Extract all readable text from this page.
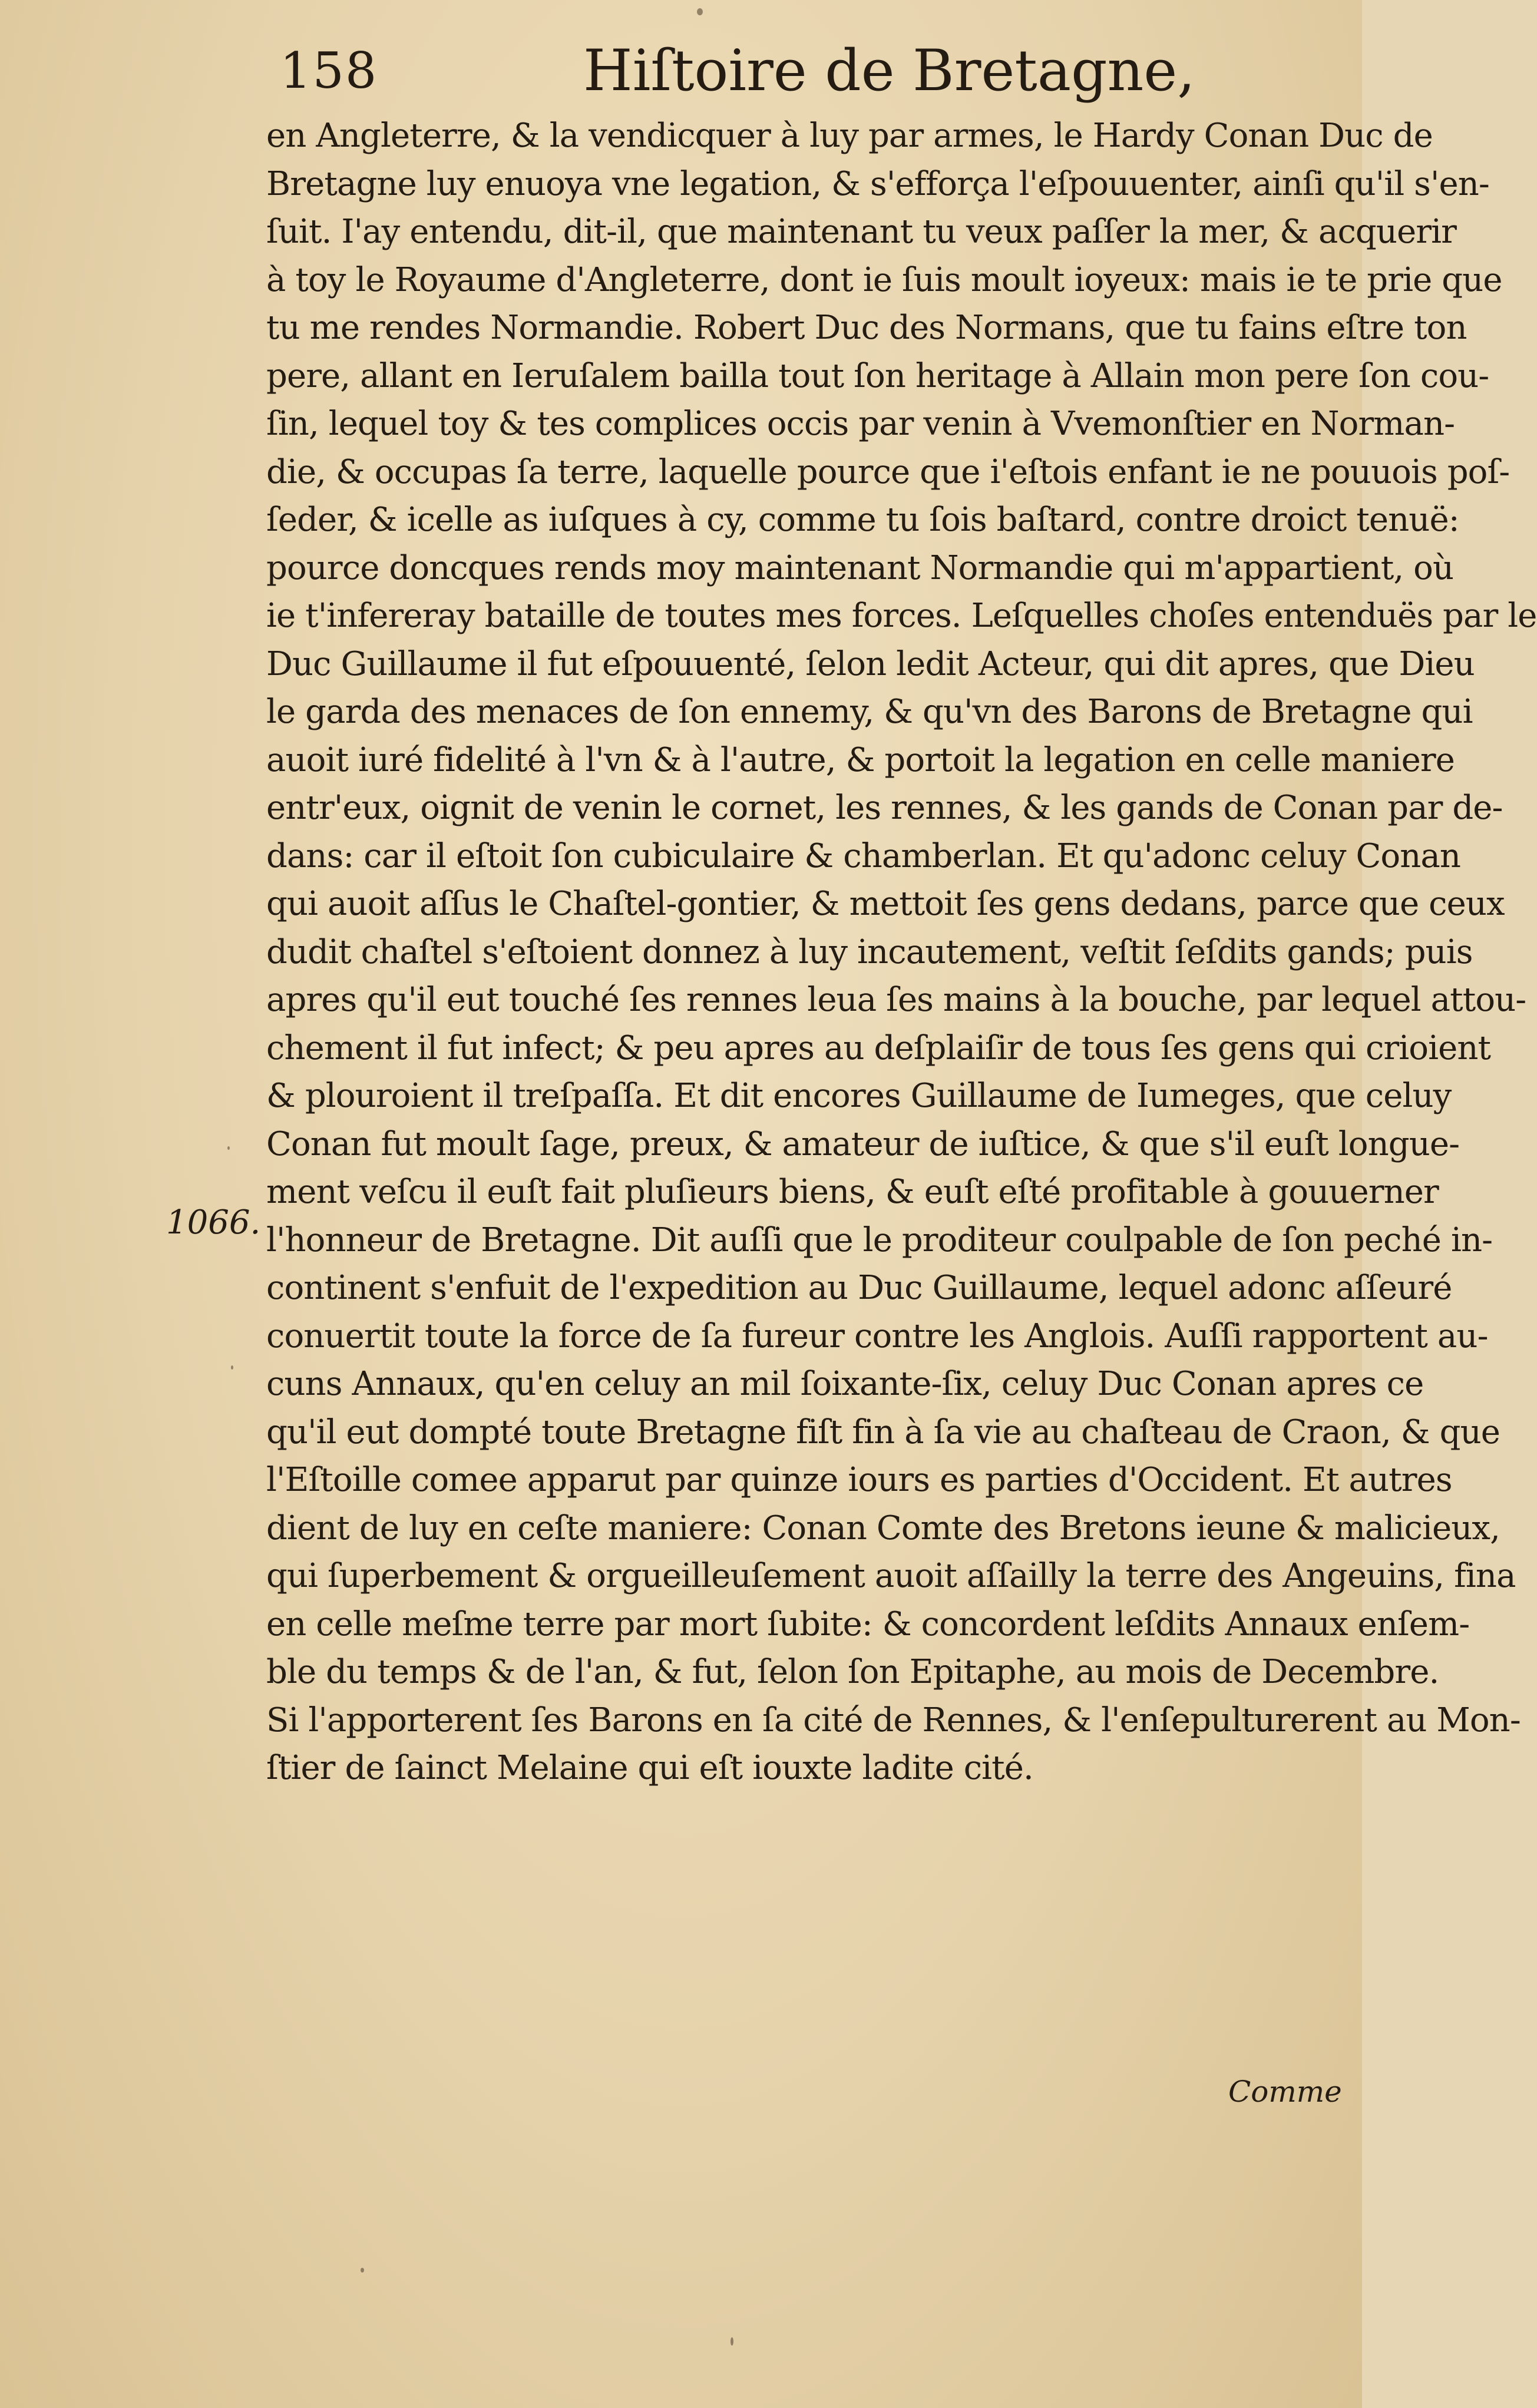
158	Hiſtoire de Bretagne,
1066.
en Angleterre, & la vendicquer à luy par armes, le Hardy Conan Duc de
Bretagne luy enuoya vne legation, & s'efforça l'eſpouuenter, ainſi qu'il s'en-
ſuit. I'ay entendu, dit-il, que maintenant tu veux paſſer la mer, & acquerir
à toy le Royaume d'Angleterre, dont ie ſuis moult ioyeux: mais ie te prie que
tu me rendes Normandie. Robert Duc des Normans, que tu fains eſtre ton
pere, allant en Ieruſalem bailla tout ſon heritage à Allain mon pere ſon cou-
ſin, lequel toy & tes complices occis par venin à Vvemonſtier en Norman-
die, & occupas ſa terre, laquelle pource que i'eſtois enfant ie ne pouuois poſ-
ſeder, & icelle as iuſques à cy, comme tu ſois baſtard, contre droict tenuë:
pource doncques rends moy maintenant Normandie qui m'appartient, où
ie t'infereray bataille de toutes mes forces. Leſquelles choſes entenduës par le
Duc Guillaume il fut eſpouuenté, ſelon ledit Acteur, qui dit apres, que Dieu
le garda des menaces de ſon ennemy, & qu'vn des Barons de Bretagne qui
auoit iuré fidelité à l'vn & à l'autre, & portoit la legation en celle maniere
entr'eux, oignit de venin le cornet, les rennes, & les gands de Conan par de-
dans: car il eſtoit ſon cubiculaire & chamberlan. Et qu'adonc celuy Conan
qui auoit aſſus le Chaſtel-gontier, & mettoit ſes gens dedans, parce que ceux
dudit chaſtel s'eſtoient donnez à luy incautement, veſtit ſeſdits gands; puis
apres qu'il eut touché ſes rennes leua ſes mains à la bouche, par lequel attou-
chement il fut infect; & peu apres au deſplaiſir de tous ſes gens qui crioient
& plouroient il treſpaſſa. Et dit encores Guillaume de Iumeges, que celuy
Conan fut moult ſage, preux, & amateur de iuſtice, & que s'il euſt longue-
ment veſcu il euſt fait pluſieurs biens, & euſt eſté profitable à gouuerner
l'honneur de Bretagne. Dit auſſi que le proditeur coulpable de ſon peché in-
continent s'enfuit de l'expedition au Duc Guillaume, lequel adonc aſſeuré
conuertit toute la force de ſa fureur contre les Anglois. Auſſi rapportent au-
cuns Annaux, qu'en celuy an mil ſoixante-ſix, celuy Duc Conan apres ce
qu'il eut dompté toute Bretagne fiſt fin à ſa vie au chaſteau de Craon, & que
l'Eſtoille comee apparut par quinze iours es parties d'Occident. Et autres
dient de luy en ceſte maniere: Conan Comte des Bretons ieune & malicieux,
qui ſuperbement & orgueilleuſement auoit aſſailly la terre des Angeuins, fina
en celle meſme terre par mort ſubite: & concordent leſdits Annaux enſem-
ble du temps & de l'an, & fut, ſelon ſon Epitaphe, au mois de Decembre.
Si l'apporterent ſes Barons en ſa cité de Rennes, & l'enſepulturerent au Mon-
ſtier de ſainct Melaine qui eſt iouxte ladite cité.
Comme
